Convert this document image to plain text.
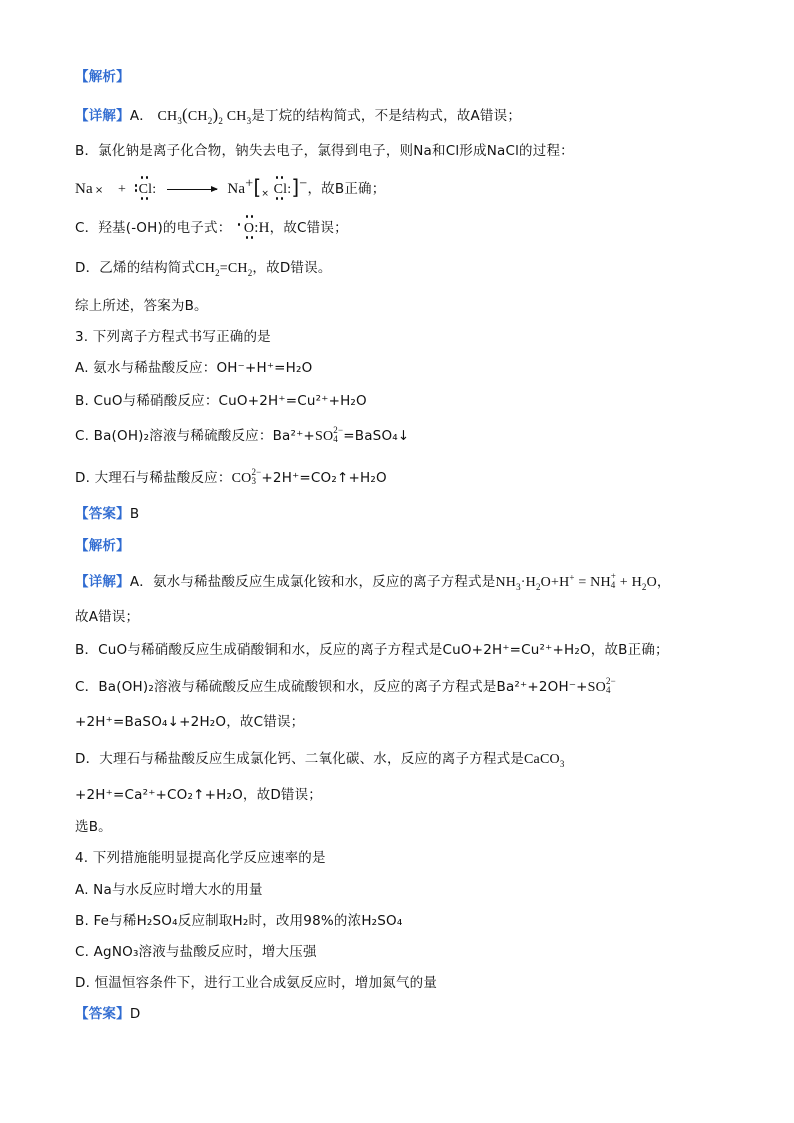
【解析】
【详解】A． $CH_3(CH_2)_2$ $CH_3$是丁烷的结构简式，不是结构式，故A错误；
B．氯化钠是离子化合物，钠失去电子，氯得到电子，则Na和Cl形成NaCl的过程：
Na × + Cl: → $Na^+[_\times$ Cl:]−，故B正确；
C．羟基(-OH)的电子式： O:H，故C错误；
D．乙烯的结构简式$CH_2=CH_2$，故D错误。
综上所述，答案为B。
3. 下列离子方程式书写正确的是
A. 氨水与稀盐酸反应：OH⁻+H⁺=H₂O
B. CuO与稀硝酸反应：CuO+2H⁺=Cu²⁺+H₂O
C. Ba(OH)₂溶液与稀硫酸反应：Ba²⁺+SO 2−
4 =BaSO₄↓
D. 大理石与稀盐酸反应：CO 2−
3 +2H⁺=CO₂↑+H₂O
【答案】B
【解析】
【详解】A．氨水与稀盐酸反应生成氯化铵和水，反应的离子方程式是$NH_3\cdot H_2O+H^+$ = NH +
$4 + H_2O$，
故A错误；
B．CuO与稀硝酸反应生成硝酸铜和水，反应的离子方程式是CuO+2H⁺=Cu²⁺+H₂O，故B正确；
C．Ba(OH)₂溶液与稀硫酸反应生成硫酸钡和水，反应的离子方程式是Ba²⁺+2OH⁻+SO 2−
4
+2H⁺=BaSO₄↓+2H₂O，故C错误；
D．大理石与稀盐酸反应生成氯化钙、二氧化碳、水，反应的离子方程式是CaCO$_3$
+2H⁺=Ca²⁺+CO₂↑+H₂O，故D错误；
选B。
4. 下列措施能明显提高化学反应速率的是
A. Na与水反应时增大水的用量
B. Fe与稀H₂SO₄反应制取H₂时，改用98%的浓H₂SO₄
C. AgNO₃溶液与盐酸反应时，增大压强
D. 恒温恒容条件下，进行工业合成氨反应时，增加氮气的量
【答案】D
